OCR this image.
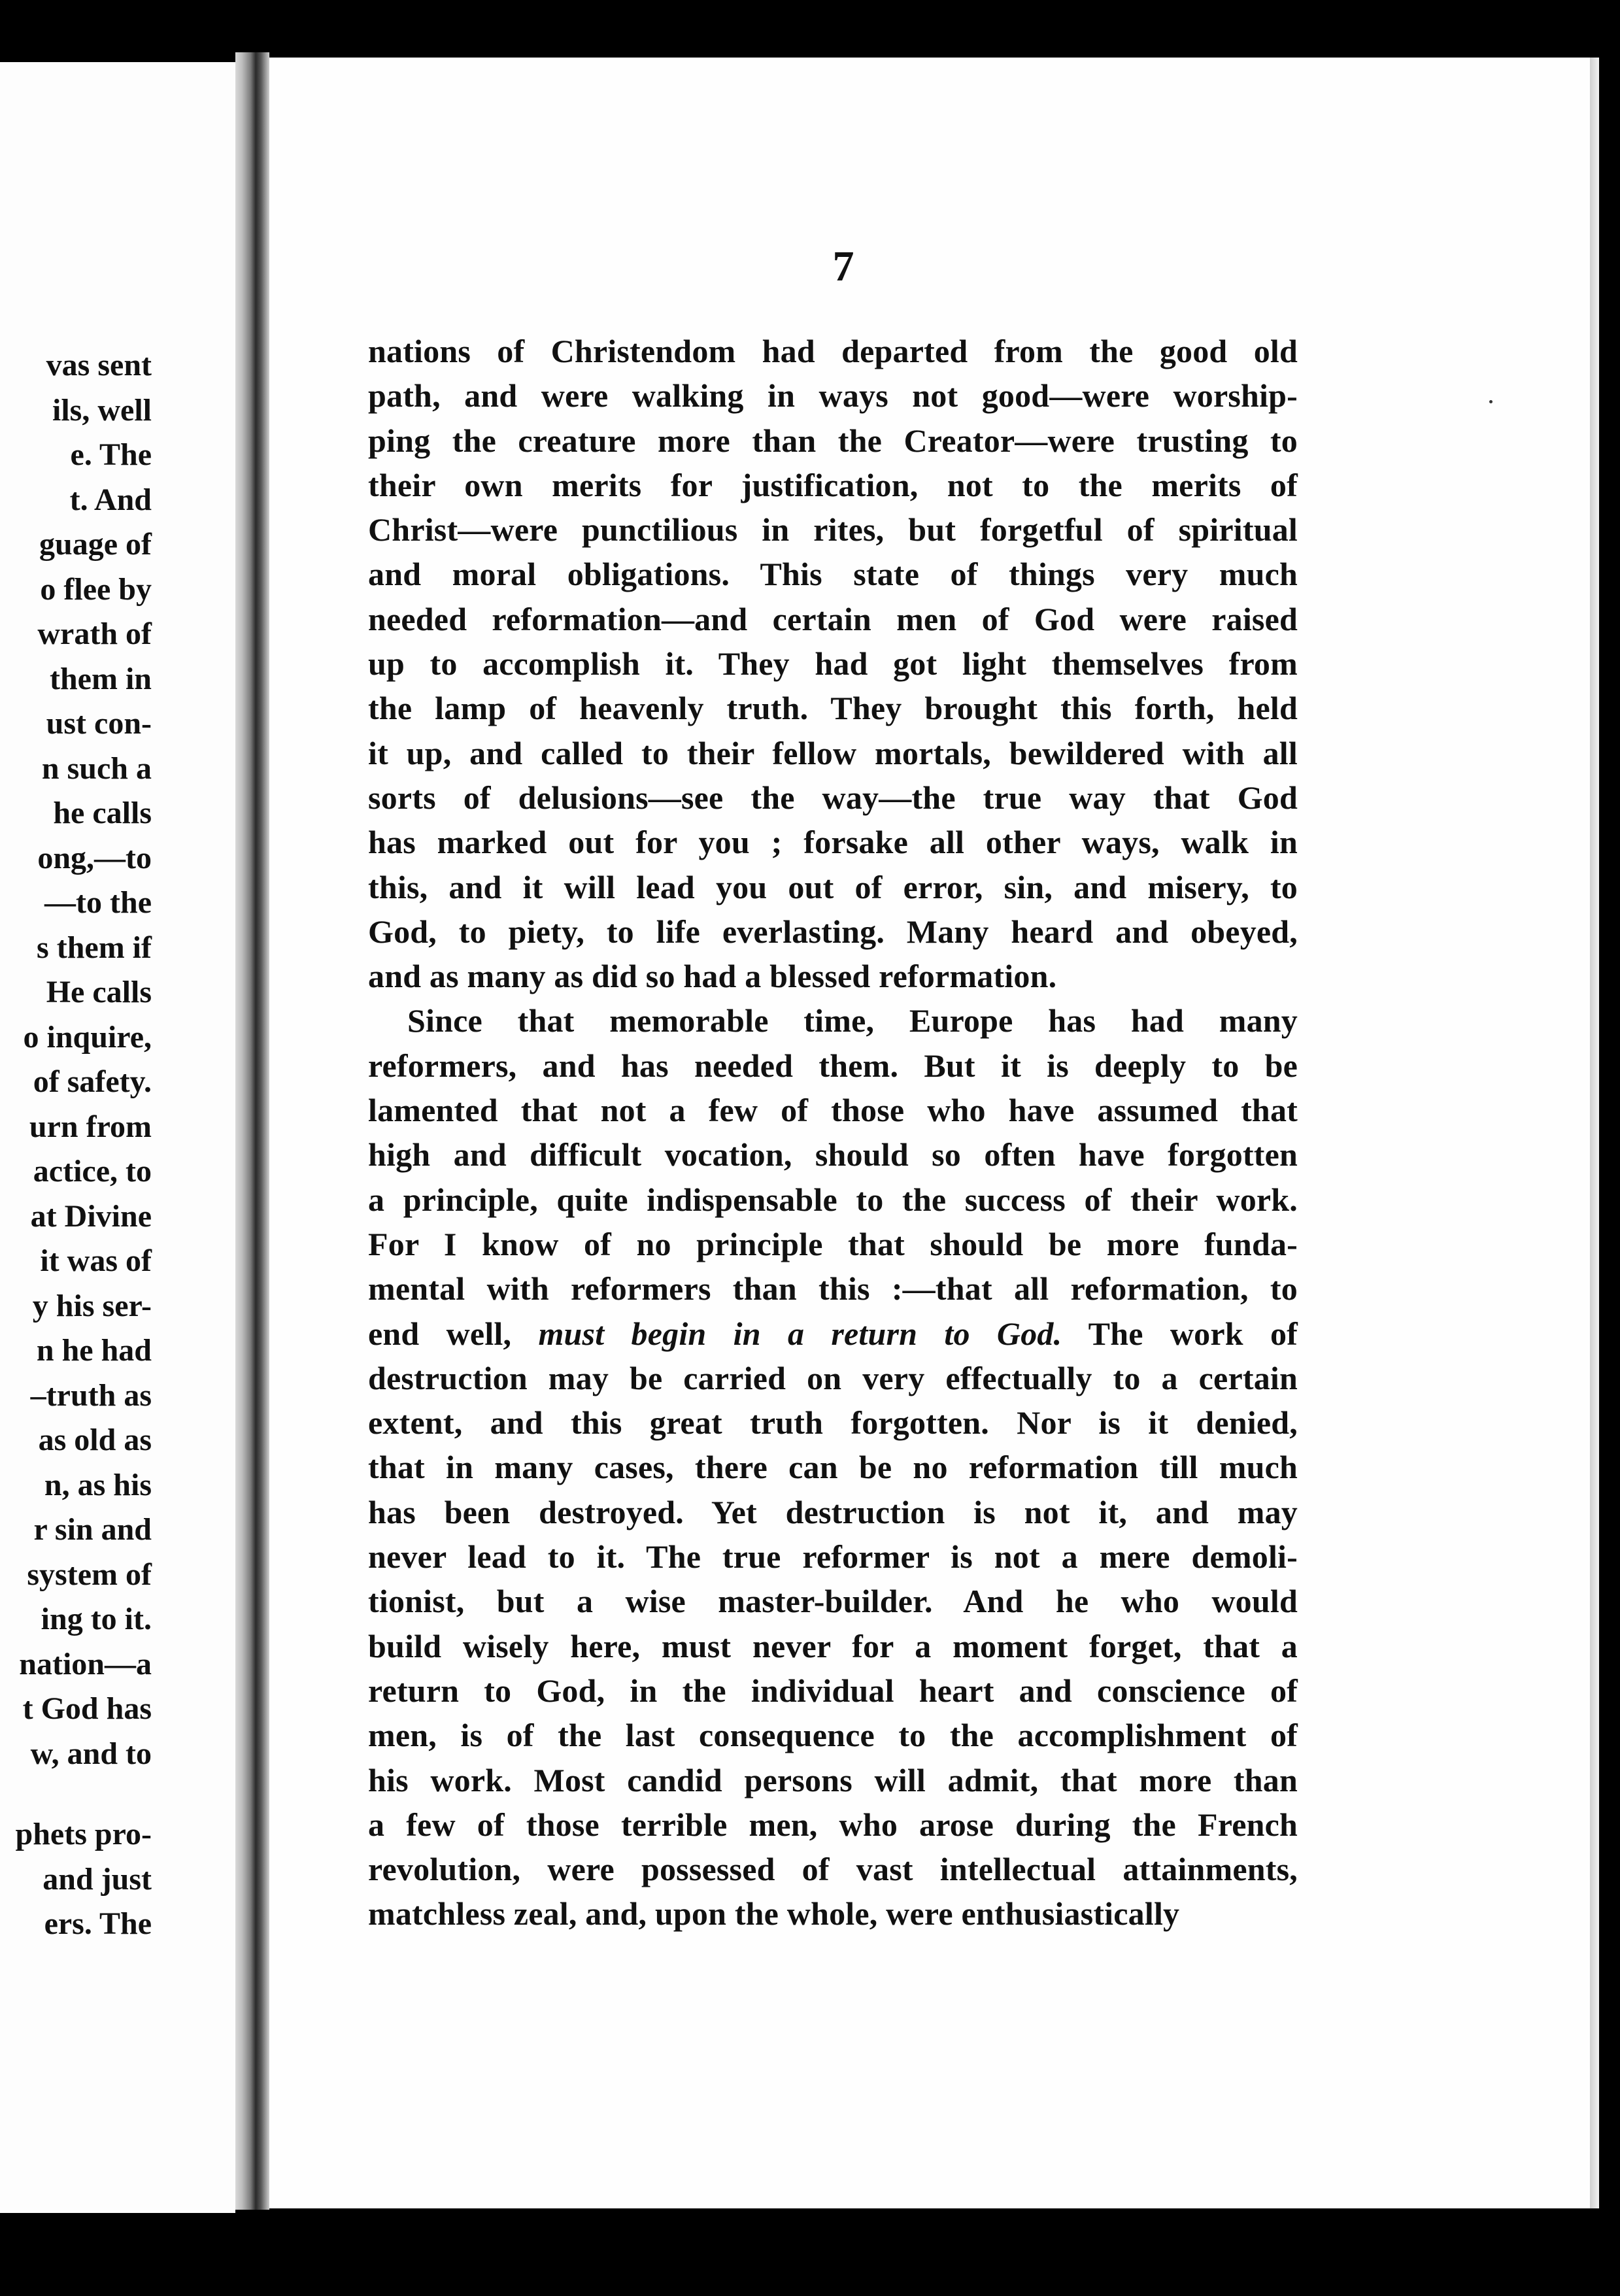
vas sent
ils, well
e. The
t. And
guage of
o flee by
wrath of
them in
ust con-
n such a
he calls
ong,—to
—to the
s them if
He calls
o inquire,
of safety.
urn from
actice, to
at Divine
it was of
y his ser-
n he had
–truth as
as old as
n, as his
r sin and
system of
ing to it.
nation—a
t God has
w, and to
phets pro-
and just
ers. The
7
nations of Christendom had departed from the good old
path, and were walking in ways not good—were worship-
ping the creature more than the Creator—were trusting to
their own merits for justification, not to the merits of
Christ—were punctilious in rites, but forgetful of spiritual
and moral obligations. This state of things very much
needed reformation—and certain men of God were raised
up to accomplish it. They had got light themselves from
the lamp of heavenly truth. They brought this forth, held
it up, and called to their fellow mortals, bewildered with all
sorts of delusions—see the way—the true way that God
has marked out for you ; forsake all other ways, walk in
this, and it will lead you out of error, sin, and misery, to
God, to piety, to life everlasting. Many heard and obeyed,
and as many as did so had a blessed reformation.
Since that memorable time, Europe has had many
reformers, and has needed them. But it is deeply to be
lamented that not a few of those who have assumed that
high and difficult vocation, should so often have forgotten
a principle, quite indispensable to the success of their work.
For I know of no principle that should be more funda-
mental with reformers than this :—that all reformation, to
end well, must begin in a return to God. The work of
destruction may be carried on very effectually to a certain
extent, and this great truth forgotten. Nor is it denied,
that in many cases, there can be no reformation till much
has been destroyed. Yet destruction is not it, and may
never lead to it. The true reformer is not a mere demoli-
tionist, but a wise master-builder. And he who would
build wisely here, must never for a moment forget, that a
return to God, in the individual heart and conscience of
men, is of the last consequence to the accomplishment of
his work. Most candid persons will admit, that more than
a few of those terrible men, who arose during the French
revolution, were possessed of vast intellectual attainments,
matchless zeal, and, upon the whole, were enthusiastically
